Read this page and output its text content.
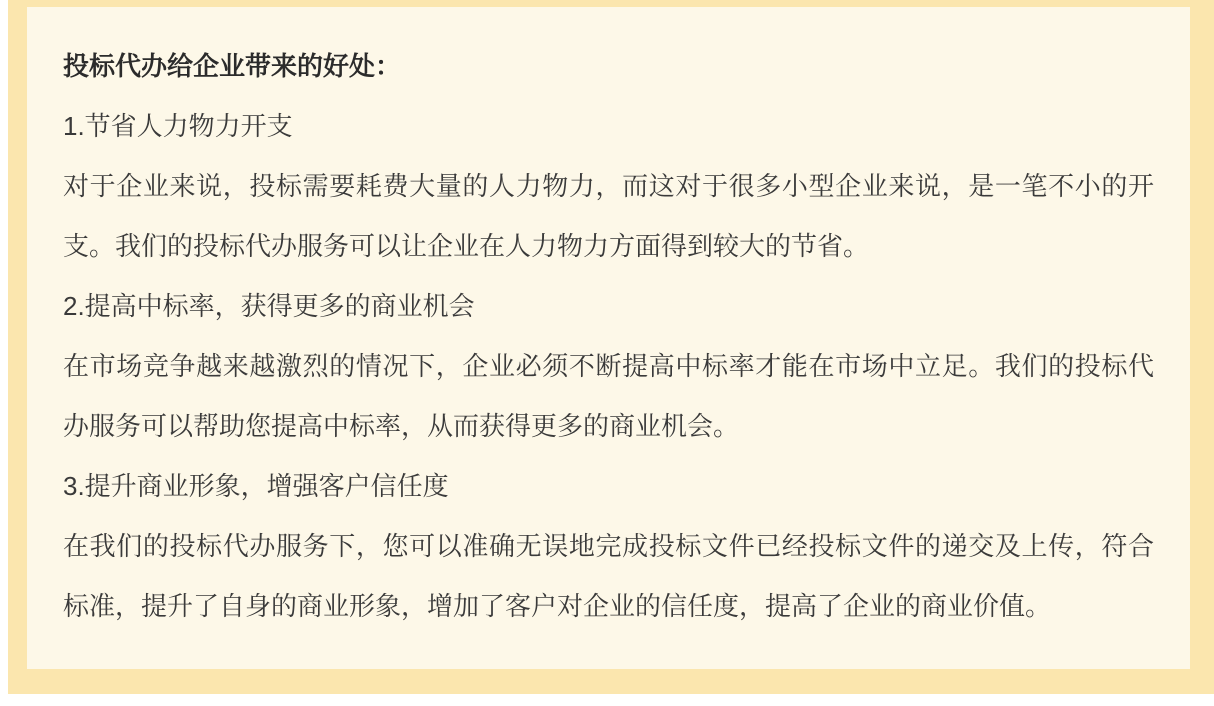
投标代办给企业带来的好处：

1.节省人力物力开支

对于企业来说，投标需要耗费大量的人力物力，而这对于很多小型企业来说，是一笔不小的开支。我们的投标代办服务可以让企业在人力物力方面得到较大的节省。

2.提高中标率，获得更多的商业机会

在市场竞争越来越激烈的情况下，企业必须不断提高中标率才能在市场中立足。我们的投标代办服务可以帮助您提高中标率，从而获得更多的商业机会。

3.提升商业形象，增强客户信任度

在我们的投标代办服务下，您可以准确无误地完成投标文件已经投标文件的递交及上传，符合标准，提升了自身的商业形象，增加了客户对企业的信任度，提高了企业的商业价值。
